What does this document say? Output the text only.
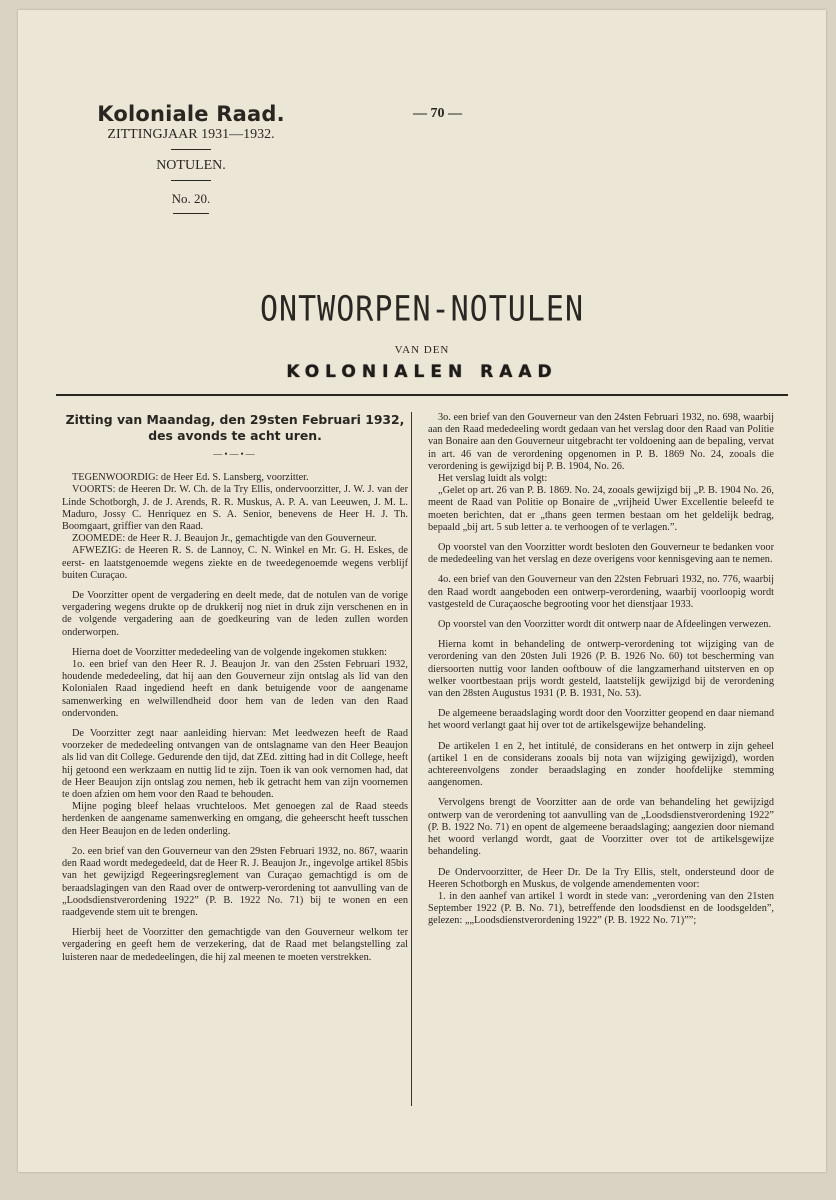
Koloniale Raad.
ZITTINGJAAR 1931—1932.
NOTULEN.
No. 20.
— 70 —
ONTWORPEN-NOTULEN
VAN DEN
KOLONIALEN RAAD
Zitting van Maandag, den 29sten Februari 1932,
des avonds te acht uren.
—•—•—

TEGENWOORDIG: de Heer Ed. S. Lansberg, voorzitter.

VOORTS: de Heeren Dr. W. Ch. de la Try Ellis, ondervoorzitter, J. W. J. van der Linde Schotborgh, J. de J. Arends, R. R. Muskus, A. P. A. van Leeuwen, J. M. L. Maduro, Jossy C. Henriquez en S. A. Senior, benevens de Heer H. J. Th. Boomgaart, griffier van den Raad.

ZOOMEDE: de Heer R. J. Beaujon Jr., gemachtigde van den Gouverneur.

AFWEZIG: de Heeren R. S. de Lannoy, C. N. Winkel en Mr. G. H. Eskes, de eerst- en laatstgenoemde wegens ziekte en de tweedegenoemde wegens verblijf buiten Curaçao.

De Voorzitter opent de vergadering en deelt mede, dat de notulen van de vorige vergadering wegens drukte op de drukkerij nog niet in druk zijn verschenen en in de volgende vergadering aan de goedkeuring van de leden zullen worden onderworpen.

Hierna doet de Voorzitter mededeeling van de volgende ingekomen stukken:

1o. een brief van den Heer R. J. Beaujon Jr. van den 25sten Februari 1932, houdende mededeeling, dat hij aan den Gouverneur zijn ontslag als lid van den Kolonialen Raad ingediend heeft en dank betuigende voor de aangename samenwerking en welwillendheid door hem van de leden van den Raad ondervonden.

De Voorzitter zegt naar aanleiding hiervan: Met leedwezen heeft de Raad voorzeker de mededeeling ontvangen van de ontslagname van den Heer Beaujon als lid van dit College. Gedurende den tijd, dat ZEd. zitting had in dit College, heeft hij getoond een werkzaam en nuttig lid te zijn. Toen ik van ook vernomen had, dat de Heer Beaujon zijn ontslag zou nemen, heb ik getracht hem van zijn voornemen te doen afzien om hem voor den Raad te behouden.

Mijne poging bleef helaas vruchteloos. Met genoegen zal de Raad steeds herdenken de aangename samenwerking en omgang, die geheerscht heeft tusschen den Heer Beaujon en de leden onderling.

2o. een brief van den Gouverneur van den 29sten Februari 1932, no. 867, waarin den Raad wordt medegedeeld, dat de Heer R. J. Beaujon Jr., ingevolge artikel 85bis van het gewijzigd Regeeringsreglement van Curaçao gemachtigd is om de beraadslagingen van den Raad over de ontwerp-verordening tot aanvulling van de „Loodsdienstverordening 1922” (P. B. 1922 No. 71) bij te wonen en een raadgevende stem uit te brengen.

Hierbij heet de Voorzitter den gemachtigde van den Gouverneur welkom ter vergadering en geeft hem de verzekering, dat de Raad met belangstelling zal luisteren naar de mededeelingen, die hij zal meenen te moeten verstrekken.

3o. een brief van den Gouverneur van den 24sten Februari 1932, no. 698, waarbij aan den Raad mededeeling wordt gedaan van het verslag door den Raad van Politie van Bonaire aan den Gouverneur uitgebracht ter voldoening aan de bepaling, vervat in art. 46 van de verordening opgenomen in P. B. 1869 No. 24, zooals die verordening is gewijzigd bij P. B. 1904, No. 26.

Het verslag luidt als volgt:

„Gelet op art. 26 van P. B. 1869. No. 24, zooals gewijzigd bij „P. B. 1904 No. 26, meent de Raad van Politie op Bonaire de „vrijheid Uwer Excellentie beleefd te moeten berichten, dat er „thans geen termen bestaan om het geldelijk bedrag, bepaald „bij art. 5 sub letter a. te verhoogen of te verlagen.”.

Op voorstel van den Voorzitter wordt besloten den Gouverneur te bedanken voor de mededeeling van het verslag en deze overigens voor kennisgeving aan te nemen.

4o. een brief van den Gouverneur van den 22sten Februari 1932, no. 776, waarbij den Raad wordt aangeboden een ontwerp-verordening, waarbij voorloopig wordt vastgesteld de Curaçaosche begrooting voor het dienstjaar 1933.

Op voorstel van den Voorzitter wordt dit ontwerp naar de Afdeelingen verwezen.

Hierna komt in behandeling de ontwerp-verordening tot wijziging van de verordening van den 20sten Juli 1926 (P. B. 1926 No. 60) tot bescherming van diersoorten nuttig voor landen ooftbouw of die langzamerhand uitsterven en op welker voortbestaan prijs wordt gesteld, laatstelijk gewijzigd bij de verordening van den 28sten Augustus 1931 (P. B. 1931, No. 53).

De algemeene beraadslaging wordt door den Voorzitter geopend en daar niemand het woord verlangt gaat hij over tot de artikelsgewijze behandeling.

De artikelen 1 en 2, het intitulé, de considerans en het ontwerp in zijn geheel (artikel 1 en de considerans zooals bij nota van wijziging gewijzigd), worden achtereenvolgens zonder beraadslaging en zonder hoofdelijke stemming aangenomen.

Vervolgens brengt de Voorzitter aan de orde van behandeling het gewijzigd ontwerp van de verordening tot aanvulling van de „Loodsdienstverordening 1922” (P. B. 1922 No. 71) en opent de algemeene beraadslaging; aangezien door niemand het woord verlangd wordt, gaat de Voorzitter over tot de artikelsgewijze behandeling.

De Ondervoorzitter, de Heer Dr. De la Try Ellis, stelt, ondersteund door de Heeren Schotborgh en Muskus, de volgende amendementen voor:

1. in den aanhef van artikel 1 wordt in stede van: „verordening van den 21sten September 1922 (P. B. No. 71), betreffende den loodsdienst en de loodsgelden”, gelezen: „„Loodsdienstverordening 1922” (P. B. 1922 No. 71)””;
